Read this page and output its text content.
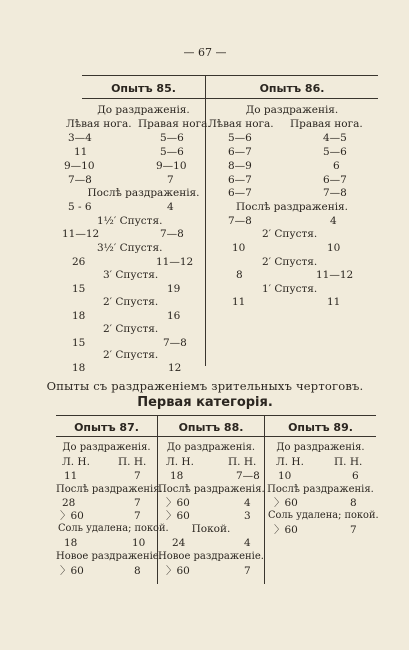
— 67 —
Опытъ 85.
До раздраженія.
Лѣвая нога. Правая нога.
3—4	5—6
11	5—6
9—10	9—10
7—8	7
Послѣ раздраженія.
5 - 6	4
1½′ Спустя.
11—12	7—8
3½′ Спустя.
26	11—12
3′ Спустя.
15	19
2′ Спустя.
18	16
2′ Спустя.
15	7—8
2′ Спустя.
18	12
Опытъ 86.
До раздраженія.
Лѣвая нога. Правая нога.
5—6	4—5
6—7	5—6
8—9	6
6—7	6—7
6—7	7—8
Послѣ раздраженія.
7—8	4
2′ Спустя.
10	10
2′ Спустя.
8	11—12
1′ Спустя.
11	11
Опыты съ раздраженіемъ зрительныхъ чертоговъ.
Первая категорія.
Опытъ 87.
До раздраженія.
Л. Н.	П. Н.
11	7
Послѣ раздраженія.
28	7
〉60	7
Соль удалена; покой.
18	10
Новое раздраженіе.
〉60	8
Опытъ 88.
До раздраженія.
Л. Н.	П. Н.
18	7—8
Послѣ раздраженія.
〉60	4
〉60	3
Покой.
24	4
Новое раздраженіе.
〉60	7
Опытъ 89.
До раздраженія.
Л. Н.	П. Н.
10	6
Послѣ раздраженія.
〉60	8
Соль удалена; покой.
〉60	7
